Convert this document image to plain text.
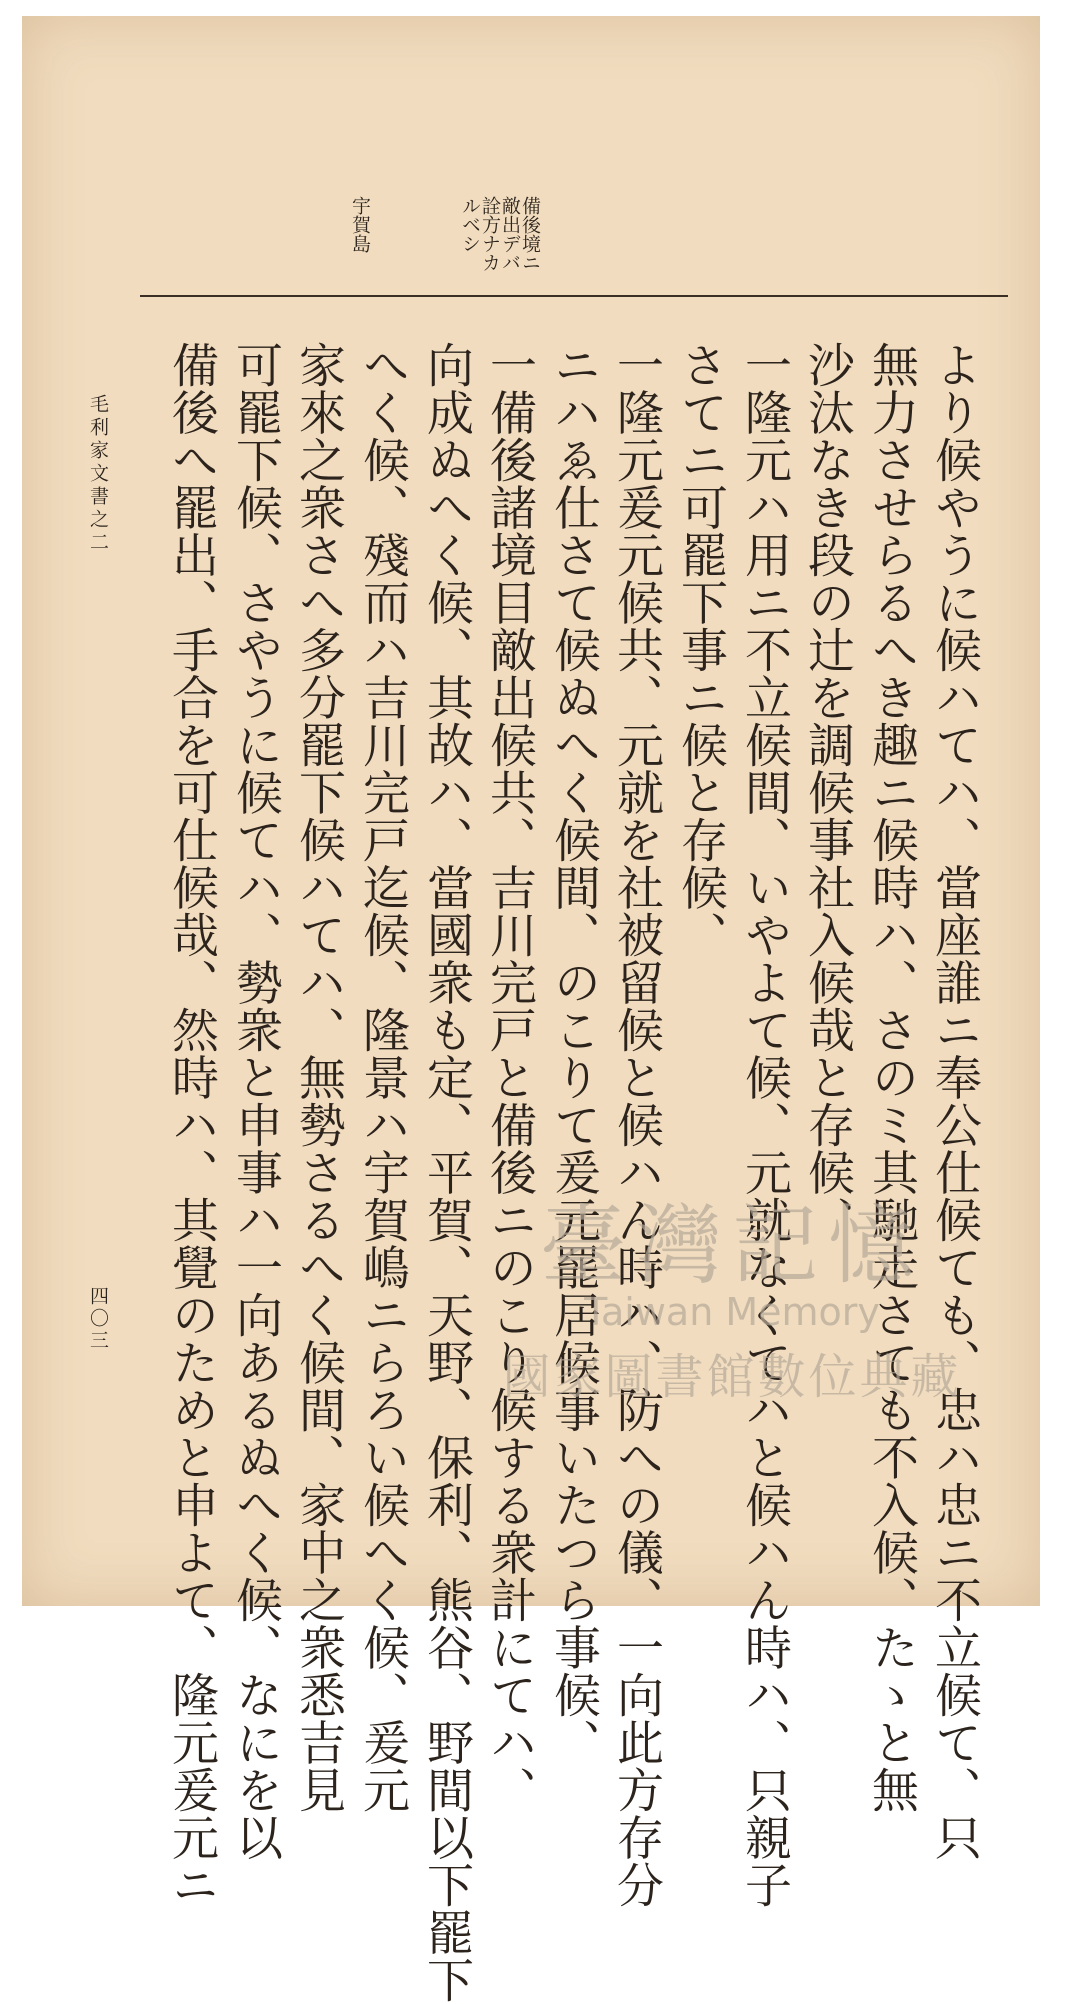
備後境ニ
敵出デバ
詮方ナカ
ルベシ
宇賀島
より候やうに候ハてハ、當座誰ニ奉公仕候ても、忠ハ忠ニ不立候て、只
無力させらるへき趣ニ候時ハ、さのミ其馳走さても不入候、たゝと無
沙汰なき段の辻を調候事社入候哉と存候、
一隆元ハ用ニ不立候間、いやよて候、元就なくてハと候ハん時ハ、只親子
さてニ可罷下事ニ候と存候、
一隆元爰元候共、元就を社被留候と候ハん時ハ、防への儀、一向此方存分
ニハゑ仕さて候ぬへく候間、のこりて爰元罷居候事いたつら事候、
一備後諸境目敵出候共、吉川完戸と備後ニのこり候する衆計にてハ、
向成ぬへく候、其故ハ、當國衆も定、平賀、天野、保利、熊谷、野間以下罷下
へく候、殘而ハ吉川完戸迄候、隆景ハ宇賀嶋ニらろい候へく候、爰元
家來之衆さへ多分罷下候ハてハ、無勢さるへく候間、家中之衆悉吉見
可罷下候、さやうに候てハ、勢衆と申事ハ一向あるぬへく候、なにを以
備後へ罷出、手合を可仕候哉、然時ハ、其覺のためと申よて、隆元爰元ニ
毛利家文書之二
四〇三
臺灣記憶
Taiwan Memory
國家圖書館數位典藏
